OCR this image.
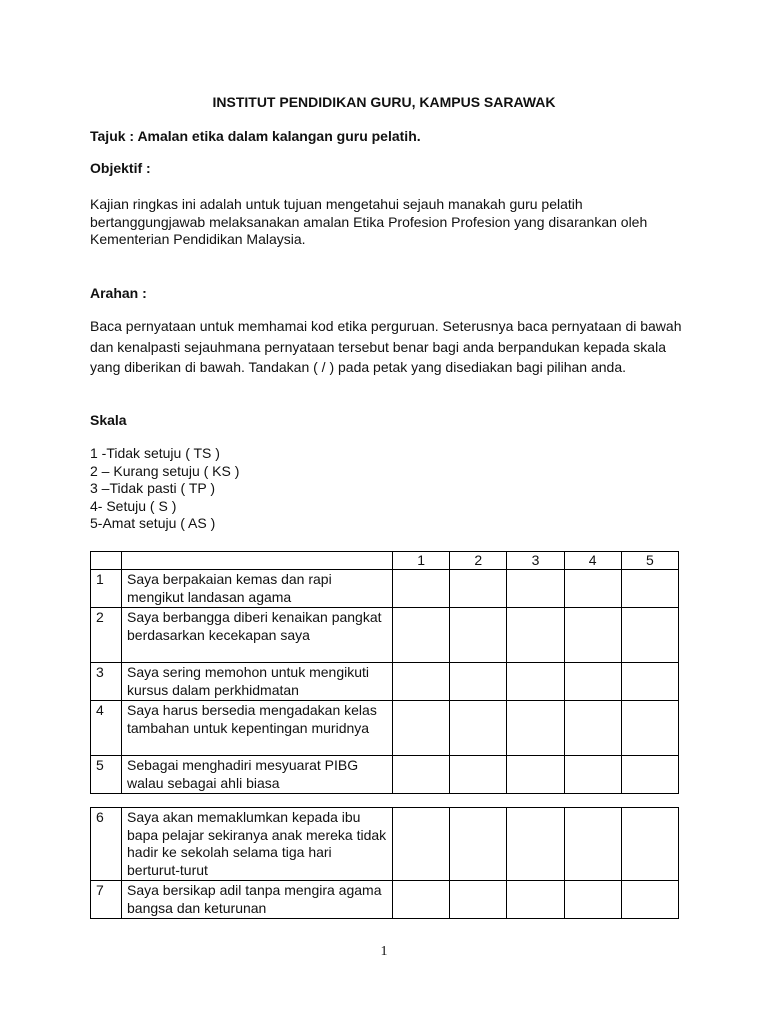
INSTITUT PENDIDIKAN GURU, KAMPUS SARAWAK
Tajuk : Amalan etika dalam kalangan guru pelatih.
Objektif :
Kajian ringkas ini adalah untuk tujuan mengetahui sejauh manakah guru pelatih bertanggungjawab melaksanakan amalan Etika Profesion Profesion yang disarankan oleh Kementerian Pendidikan Malaysia.
Arahan :
Baca pernyataan untuk memhamai kod etika perguruan. Seterusnya baca pernyataan di bawah dan kenalpasti sejauhmana pernyataan tersebut benar bagi anda berpandukan kepada skala yang diberikan di bawah. Tandakan ( / ) pada petak yang disediakan bagi pilihan anda.
Skala
1 -Tidak setuju ( TS )
2 – Kurang setuju ( KS )
3 –Tidak pasti ( TP )
4- Setuju ( S )
5-Amat setuju ( AS )
		1	2	3	4	5
1	Saya berpakaian kemas dan rapi mengikut landasan agama					
2	Saya berbangga diberi kenaikan pangkat berdasarkan kecekapan saya					
3	Saya sering memohon untuk mengikuti kursus dalam perkhidmatan					
4	Saya harus bersedia mengadakan kelas tambahan untuk kepentingan muridnya					
5	Sebagai menghadiri mesyuarat PIBG walau sebagai ahli biasa					
6	Saya akan memaklumkan kepada ibu bapa pelajar sekiranya anak mereka tidak hadir ke sekolah selama tiga hari berturut-turut					
7	Saya bersikap adil tanpa mengira agama bangsa dan keturunan					
1
